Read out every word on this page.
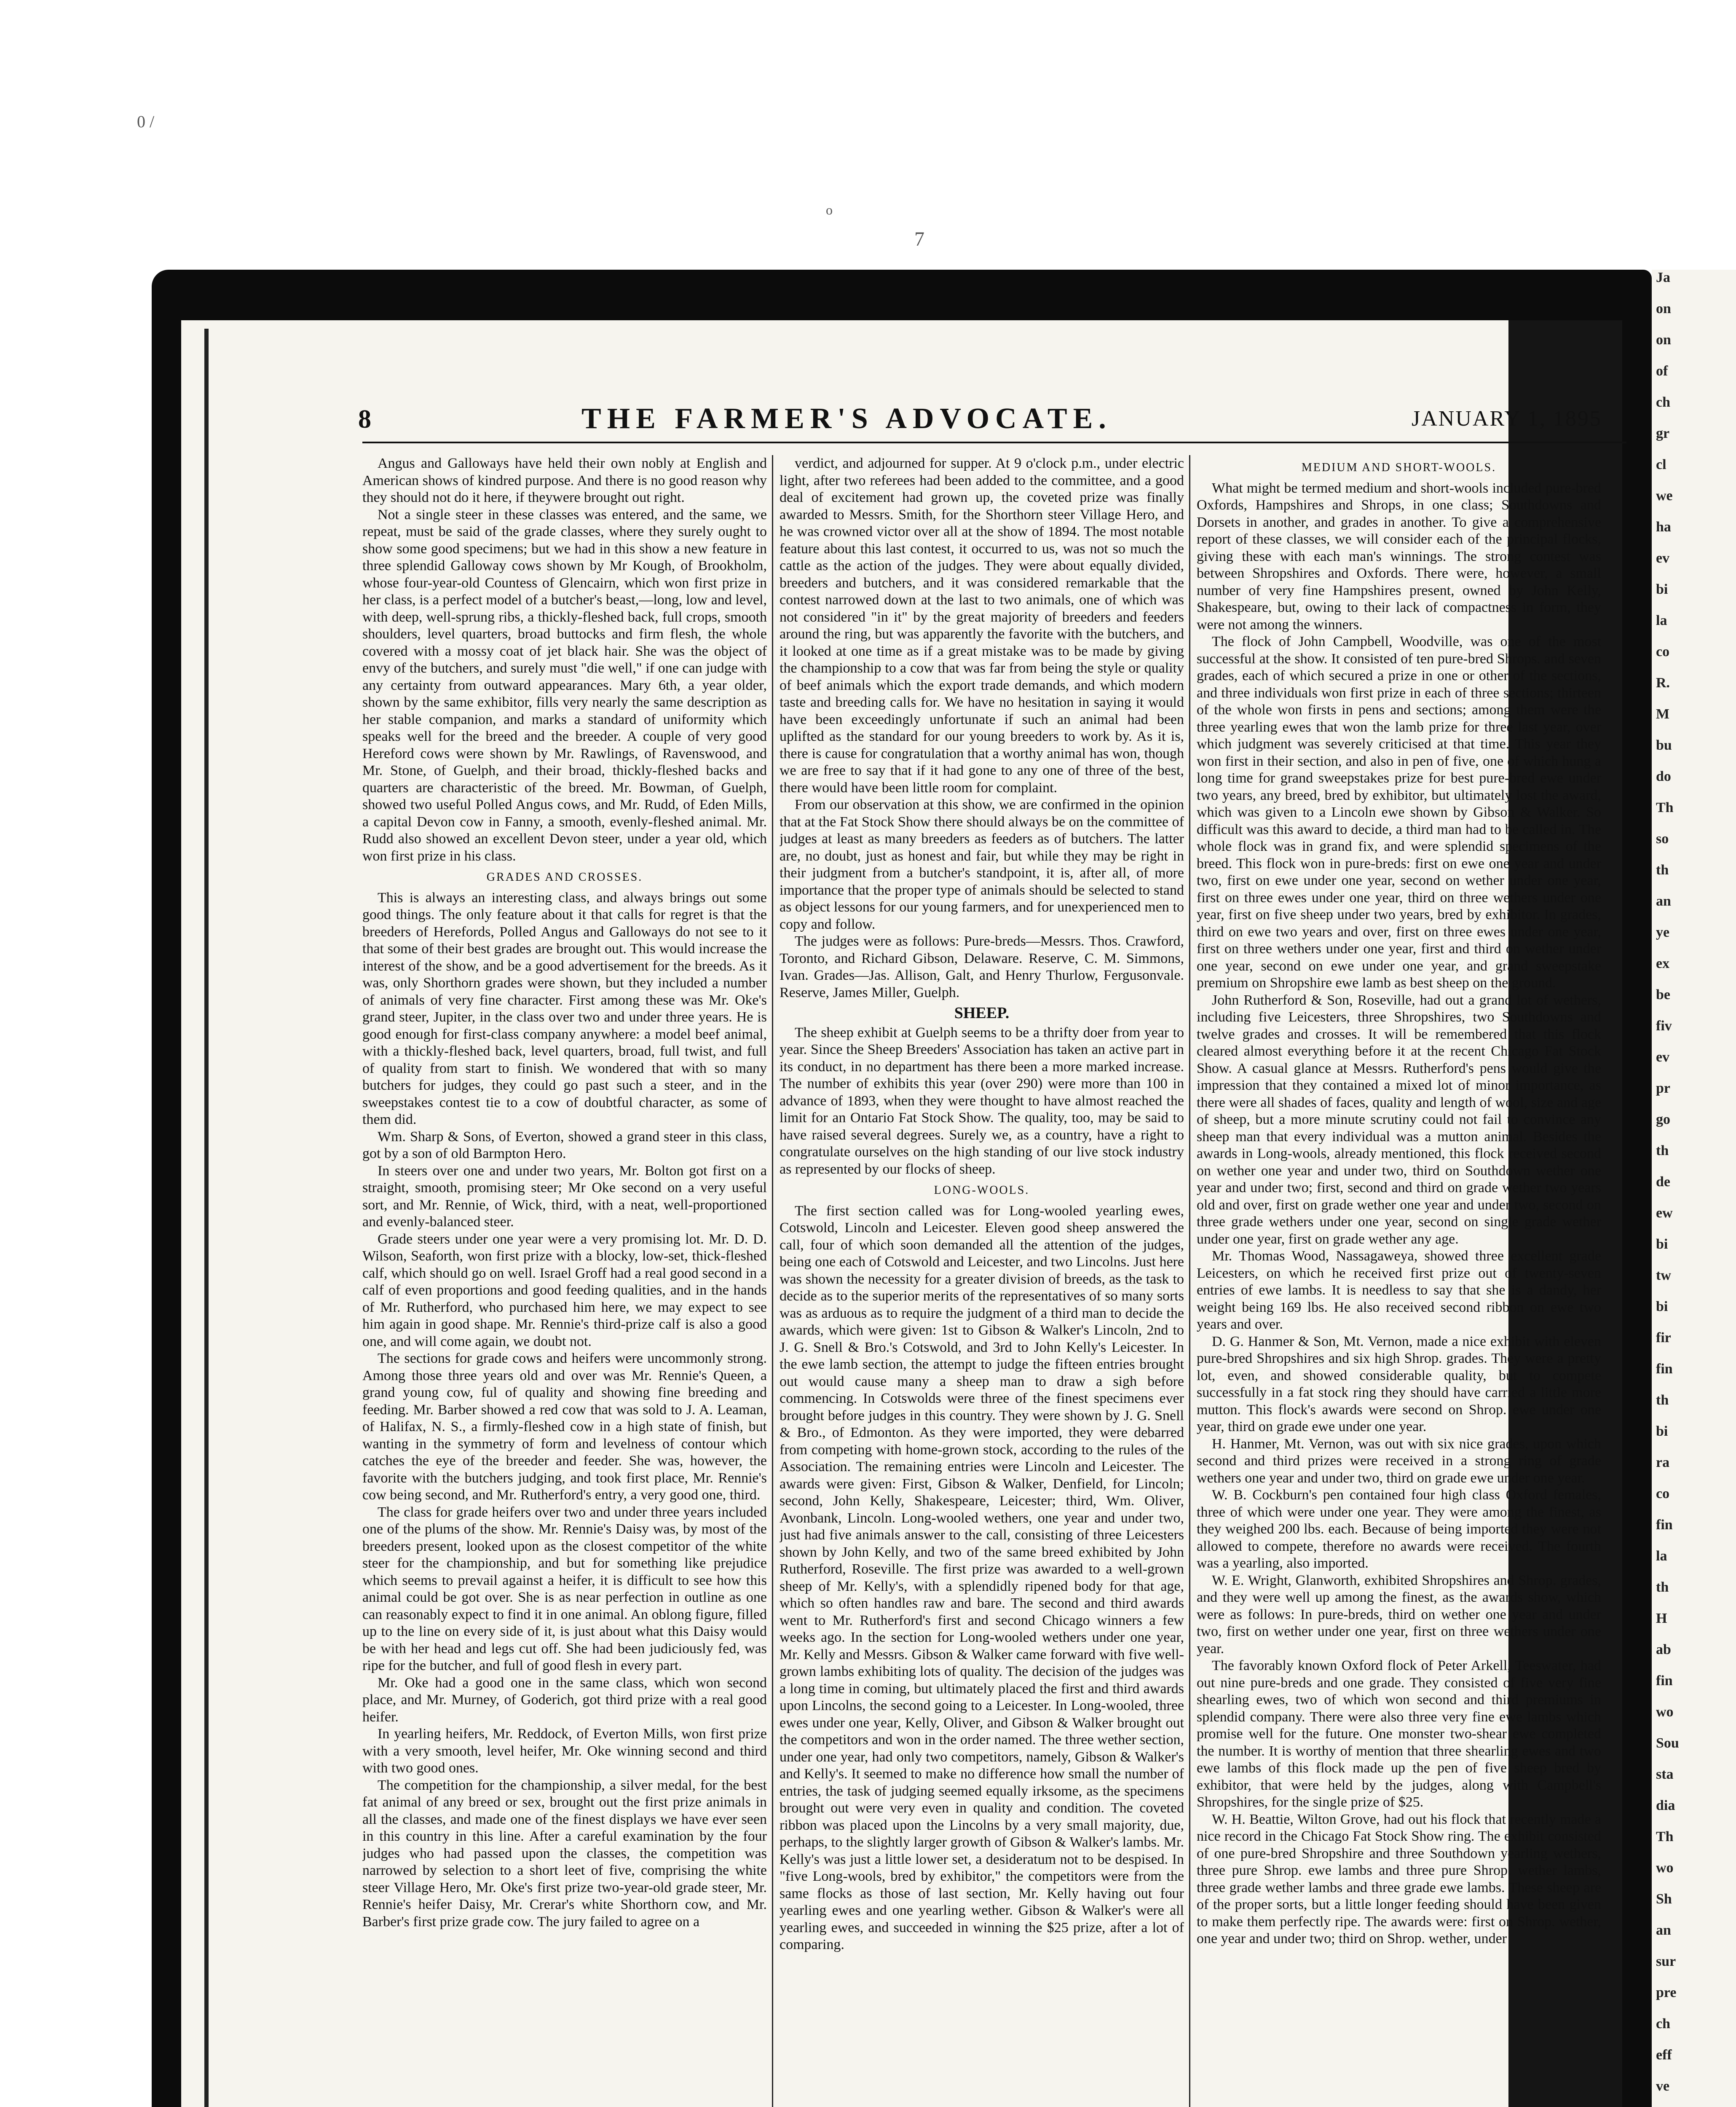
0 /
o
7
8	THE FARMER'S ADVOCATE.	JANUARY 1, 1895

Angus and Galloways have held their own nobly at English and American shows of kindred purpose. And there is no good reason why they should not do it here, if theywere brought out right.

Not a single steer in these classes was entered, and the same, we repeat, must be said of the grade classes, where they surely ought to show some good specimens; but we had in this show a new feature in three splendid Galloway cows shown by Mr Kough, of Brookholm, whose four-year-old Countess of Glencairn, which won first prize in her class, is a perfect model of a butcher's beast,—long, low and level, with deep, well-sprung ribs, a thickly-fleshed back, full crops, smooth shoulders, level quarters, broad buttocks and firm flesh, the whole covered with a mossy coat of jet black hair. She was the object of envy of the butchers, and surely must "die well," if one can judge with any certainty from outward appearances. Mary 6th, a year older, shown by the same exhibitor, fills very nearly the same description as her stable companion, and marks a standard of uniformity which speaks well for the breed and the breeder. A couple of very good Hereford cows were shown by Mr. Rawlings, of Ravenswood, and Mr. Stone, of Guelph, and their broad, thickly-fleshed backs and quarters are characteristic of the breed. Mr. Bowman, of Guelph, showed two useful Polled Angus cows, and Mr. Rudd, of Eden Mills, a capital Devon cow in Fanny, a smooth, evenly-fleshed animal. Mr. Rudd also showed an excellent Devon steer, under a year old, which won first prize in his class.

GRADES AND CROSSES.

This is always an interesting class, and always brings out some good things. The only feature about it that calls for regret is that the breeders of Herefords, Polled Angus and Galloways do not see to it that some of their best grades are brought out. This would increase the interest of the show, and be a good advertisement for the breeds. As it was, only Shorthorn grades were shown, but they included a number of animals of very fine character. First among these was Mr. Oke's grand steer, Jupiter, in the class over two and under three years. He is good enough for first-class company anywhere: a model beef animal, with a thickly-fleshed back, level quarters, broad, full twist, and full of quality from start to finish. We wondered that with so many butchers for judges, they could go past such a steer, and in the sweepstakes contest tie to a cow of doubtful character, as some of them did.

Wm. Sharp & Sons, of Everton, showed a grand steer in this class, got by a son of old Barmpton Hero.

In steers over one and under two years, Mr. Bolton got first on a straight, smooth, promising steer; Mr Oke second on a very useful sort, and Mr. Rennie, of Wick, third, with a neat, well-proportioned and evenly-balanced steer.

Grade steers under one year were a very promising lot. Mr. D. D. Wilson, Seaforth, won first prize with a blocky, low-set, thick-fleshed calf, which should go on well. Israel Groff had a real good second in a calf of even proportions and good feeding qualities, and in the hands of Mr. Rutherford, who purchased him here, we may expect to see him again in good shape. Mr. Rennie's third-prize calf is also a good one, and will come again, we doubt not.

The sections for grade cows and heifers were uncommonly strong. Among those three years old and over was Mr. Rennie's Queen, a grand young cow, ful of quality and showing fine breeding and feeding. Mr. Barber showed a red cow that was sold to J. A. Leaman, of Halifax, N. S., a firmly-fleshed cow in a high state of finish, but wanting in the symmetry of form and levelness of contour which catches the eye of the breeder and feeder. She was, however, the favorite with the butchers judging, and took first place, Mr. Rennie's cow being second, and Mr. Rutherford's entry, a very good one, third.

The class for grade heifers over two and under three years included one of the plums of the show. Mr. Rennie's Daisy was, by most of the breeders present, looked upon as the closest competitor of the white steer for the championship, and but for something like prejudice which seems to prevail against a heifer, it is difficult to see how this animal could be got over. She is as near perfection in outline as one can reasonably expect to find it in one animal. An oblong figure, filled up to the line on every side of it, is just about what this Daisy would be with her head and legs cut off. She had been judiciously fed, was ripe for the butcher, and full of good flesh in every part.

Mr. Oke had a good one in the same class, which won second place, and Mr. Murney, of Goderich, got third prize with a real good heifer.

In yearling heifers, Mr. Reddock, of Everton Mills, won first prize with a very smooth, level heifer, Mr. Oke winning second and third with two good ones.

The competition for the championship, a silver medal, for the best fat animal of any breed or sex, brought out the first prize animals in all the classes, and made one of the finest displays we have ever seen in this country in this line. After a careful examination by the four judges who had passed upon the classes, the competition was narrowed by selection to a short leet of five, comprising the white steer Village Hero, Mr. Oke's first prize two-year-old grade steer, Mr. Rennie's heifer Daisy, Mr. Crerar's white Shorthorn cow, and Mr. Barber's first prize grade cow. The jury failed to agree on a

verdict, and adjourned for supper. At 9 o'clock p.m., under electric light, after two referees had been added to the committee, and a good deal of excitement had grown up, the coveted prize was finally awarded to Messrs. Smith, for the Shorthorn steer Village Hero, and he was crowned victor over all at the show of 1894. The most notable feature about this last contest, it occurred to us, was not so much the cattle as the action of the judges. They were about equally divided, breeders and butchers, and it was considered remarkable that the contest narrowed down at the last to two animals, one of which was not considered "in it" by the great majority of breeders and feeders around the ring, but was apparently the favorite with the butchers, and it looked at one time as if a great mistake was to be made by giving the championship to a cow that was far from being the style or quality of beef animals which the export trade demands, and which modern taste and breeding calls for. We have no hesitation in saying it would have been exceedingly unfortunate if such an animal had been uplifted as the standard for our young breeders to work by. As it is, there is cause for congratulation that a worthy animal has won, though we are free to say that if it had gone to any one of three of the best, there would have been little room for complaint.

From our observation at this show, we are confirmed in the opinion that at the Fat Stock Show there should always be on the committee of judges at least as many breeders as feeders as of butchers. The latter are, no doubt, just as honest and fair, but while they may be right in their judgment from a butcher's standpoint, it is, after all, of more importance that the proper type of animals should be selected to stand as object lessons for our young farmers, and for unexperienced men to copy and follow.

The judges were as follows: Pure-breds—Messrs. Thos. Crawford, Toronto, and Richard Gibson, Delaware. Reserve, C. M. Simmons, Ivan. Grades—Jas. Allison, Galt, and Henry Thurlow, Fergusonvale. Reserve, James Miller, Guelph.

SHEEP.

The sheep exhibit at Guelph seems to be a thrifty doer from year to year. Since the Sheep Breeders' Association has taken an active part in its conduct, in no department has there been a more marked increase. The number of exhibits this year (over 290) were more than 100 in advance of 1893, when they were thought to have almost reached the limit for an Ontario Fat Stock Show. The quality, too, may be said to have raised several degrees. Surely we, as a country, have a right to congratulate ourselves on the high standing of our live stock industry as represented by our flocks of sheep.

LONG-WOOLS.

The first section called was for Long-wooled yearling ewes, Cotswold, Lincoln and Leicester. Eleven good sheep answered the call, four of which soon demanded all the attention of the judges, being one each of Cotswold and Leicester, and two Lincolns. Just here was shown the necessity for a greater division of breeds, as the task to decide as to the superior merits of the representatives of so many sorts was as arduous as to require the judgment of a third man to decide the awards, which were given: 1st to Gibson & Walker's Lincoln, 2nd to J. G. Snell & Bro.'s Cotswold, and 3rd to John Kelly's Leicester. In the ewe lamb section, the attempt to judge the fifteen entries brought out would cause many a sheep man to draw a sigh before commencing. In Cotswolds were three of the finest specimens ever brought before judges in this country. They were shown by J. G. Snell & Bro., of Edmonton. As they were imported, they were debarred from competing with home-grown stock, according to the rules of the Association. The remaining entries were Lincoln and Leicester. The awards were given: First, Gibson & Walker, Denfield, for Lincoln; second, John Kelly, Shakespeare, Leicester; third, Wm. Oliver, Avonbank, Lincoln. Long-wooled wethers, one year and under two, just had five animals answer to the call, consisting of three Leicesters shown by John Kelly, and two of the same breed exhibited by John Rutherford, Roseville. The first prize was awarded to a well-grown sheep of Mr. Kelly's, with a splendidly ripened body for that age, which so often handles raw and bare. The second and third awards went to Mr. Rutherford's first and second Chicago winners a few weeks ago. In the section for Long-wooled wethers under one year, Mr. Kelly and Messrs. Gibson & Walker came forward with five well-grown lambs exhibiting lots of quality. The decision of the judges was a long time in coming, but ultimately placed the first and third awards upon Lincolns, the second going to a Leicester. In Long-wooled, three ewes under one year, Kelly, Oliver, and Gibson & Walker brought out the competitors and won in the order named. The three wether section, under one year, had only two competitors, namely, Gibson & Walker's and Kelly's. It seemed to make no difference how small the number of entries, the task of judging seemed equally irksome, as the specimens brought out were very even in quality and condition. The coveted ribbon was placed upon the Lincolns by a very small majority, due, perhaps, to the slightly larger growth of Gibson & Walker's lambs. Mr. Kelly's was just a little lower set, a desideratum not to be despised. In "five Long-wools, bred by exhibitor," the competitors were from the same flocks as those of last section, Mr. Kelly having out four yearling ewes and one yearling wether. Gibson & Walker's were all yearling ewes, and succeeded in winning the $25 prize, after a lot of comparing.

MEDIUM AND SHORT-WOOLS.

What might be termed medium and short-wools included pure-bred Oxfords, Hampshires and Shrops, in one class; Southdowns and Dorsets in another, and grades in another. To give a comprehensive report of these classes, we will consider each of the principal flocks, giving these with each man's winnings. The strong contest was between Shropshires and Oxfords. There were, however, a small number of very fine Hampshires present, owned by John Kelly, Shakespeare, but, owing to their lack of compactness in form, they were not among the winners.

The flock of John Campbell, Woodville, was one of the most successful at the show. It consisted of ten pure-bred Shrops. and seven grades, each of which secured a prize in one or other of the sections, and three individuals won first prize in each of three sections; thirteen of the whole won firsts in pens and sections; among them were the three yearling ewes that won the lamb prize for three last year, over which judgment was severely criticised at that time. This year they won first in their section, and also in pen of five, one of which hung a long time for grand sweepstakes prize for best pure-bred ewe under two years, any breed, bred by exhibitor, but ultimately lost the award, which was given to a Lincoln ewe shown by Gibson & Walker. So difficult was this award to decide, a third man had to be called in. The whole flock was in grand fix, and were splendid specimens of the breed. This flock won in pure-breds: first on ewe one year and under two, first on ewe under one year, second on wether under one year, first on three ewes under one year, third on three wethers under one year, first on five sheep under two years, bred by exhibitor. In grades, third on ewe two years and over, first on three ewes under one year, first on three wethers under one year, first and third on wether under one year, second on ewe under one year, and grand sweepstake premium on Shropshire ewe lamb as best sheep on the ground.

John Rutherford & Son, Roseville, had out a grand lot of wethers, including five Leicesters, three Shropshires, two Southdowns and twelve grades and crosses. It will be remembered that this flock cleared almost everything before it at the recent Chicago Fat Stock Show. A casual glance at Messrs. Rutherford's pens would give the impression that they contained a mixed lot of minor importance, as there were all shades of faces, quality and length of wool, size and age of sheep, but a more minute scrutiny could not fail to convince any sheep man that every individual was a mutton animal. Besides the awards in Long-wools, already mentioned, this flock received second on wether one year and under two, third on Southdown wether one year and under two; first, second and third on grade wether two years old and over, first on grade wether one year and under two, second on three grade wethers under one year, second on single grade wether under one year, first on grade wether any age.

Mr. Thomas Wood, Nassagaweya, showed three excellent grade Leicesters, on which he received first prize out of twenty-seven entries of ewe lambs. It is needless to say that she is a dandy, her weight being 169 lbs. He also received second ribbon on ewe two years and over.

D. G. Hanmer & Son, Mt. Vernon, made a nice exhibit with eleven pure-bred Shropshires and six high Shrop. grades. They were a pretty lot, even, and showed considerable quality, but to compete successfully in a fat stock ring they should have carried a little more mutton. This flock's awards were second on Shrop. ewe under one year, third on grade ewe under one year.

H. Hanmer, Mt. Vernon, was out with six nice grades, upon which second and third prizes were received in a strong ring of grade wethers one year and under two, third on grade ewe under one year.

W. B. Cockburn's pen contained four high class Oxford females, three of which were under one year. They were among the finest, as they weighed 200 lbs. each. Because of being imported they were not allowed to compete, therefore no awards were received. The fourth was a yearling, also imported.

W. E. Wright, Glanworth, exhibited Shropshires and Shrop. grades, and they were well up among the finest, as the awards show, which were as follows: In pure-breds, third on wether one year and under two, first on wether under one year, first on three wethers under one year.

The favorably known Oxford flock of Peter Arkell, Teeswater, had out nine pure-breds and one grade. They consisted of five very fine shearling ewes, two of which won second and third premiums in splendid company. There were also three very fine ewe lambs which promise well for the future. One monster two-shear ewe completed the number. It is worthy of mention that three shearling ewes and two ewe lambs of this flock made up the pen of five sheep bred by exhibitor, that were held by the judges, along with Campbell's Shropshires, for the single prize of $25.

W. H. Beattie, Wilton Grove, had out his flock that recently made a nice record in the Chicago Fat Stock Show ring. The exhibit consisted of one pure-bred Shropshire and three Southdown yearling wethers, three pure Shrop. ewe lambs and three pure Shrop. wether lambs, three grade wether lambs and three grade ewe lambs. These sheep are of the proper sorts, but a little longer feeding should have been given to make them perfectly ripe. The awards were: first on Shrop. wether, one year and under two; third on Shrop. wether, under

Ja

on

on

of

ch

gr

cl

we

ha

ev

bi

la

co

R.

M

bu

do

Th

so

th

an

ye

ex

be

fiv

ev

pr

go

th

de

ew

bi

tw

bi

fir

fin

th

bi

ra

co

fin

la

th

H

ab

fin

wo

Sou

sta

dia

Th

wo

Sh

an

sur

pre

ch

eff

ve
